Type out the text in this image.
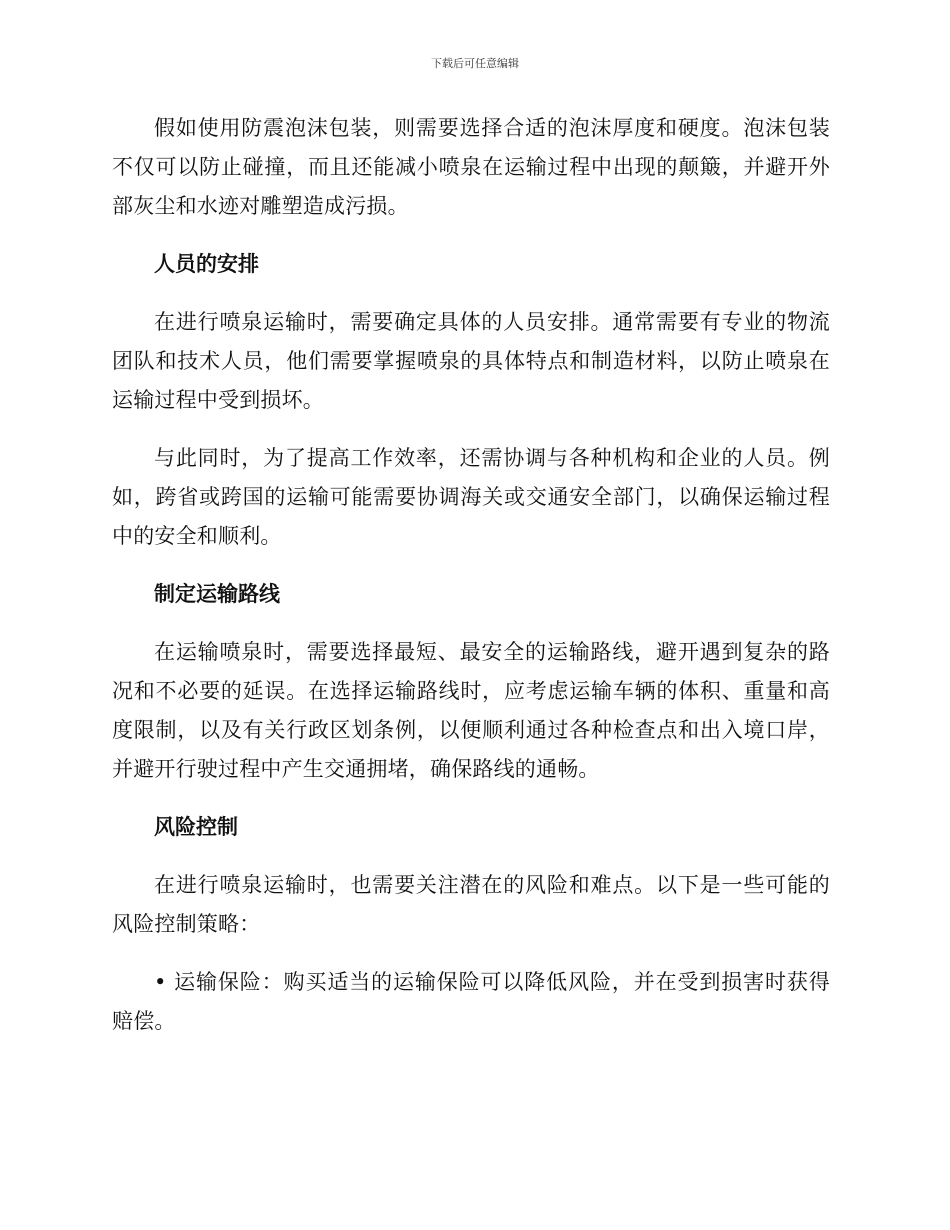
下载后可任意编辑

假如使用防震泡沫包装，则需要选择合适的泡沫厚度和硬度。泡沫包装不仅可以防止碰撞，而且还能减小喷泉在运输过程中出现的颠簸，并避开外部灰尘和水迹对雕塑造成污损。

人员的安排

在进行喷泉运输时，需要确定具体的人员安排。通常需要有专业的物流团队和技术人员，他们需要掌握喷泉的具体特点和制造材料，以防止喷泉在运输过程中受到损坏。

与此同时，为了提高工作效率，还需协调与各种机构和企业的人员。例如，跨省或跨国的运输可能需要协调海关或交通安全部门，以确保运输过程中的安全和顺利。

制定运输路线

在运输喷泉时，需要选择最短、最安全的运输路线，避开遇到复杂的路况和不必要的延误。在选择运输路线时，应考虑运输车辆的体积、重量和高度限制，以及有关行政区划条例，以便顺利通过各种检查点和出入境口岸，并避开行驶过程中产生交通拥堵，确保路线的通畅。

风险控制

在进行喷泉运输时，也需要关注潜在的风险和难点。以下是一些可能的风险控制策略：

• 运输保险：购买适当的运输保险可以降低风险，并在受到损害时获得赔偿。
